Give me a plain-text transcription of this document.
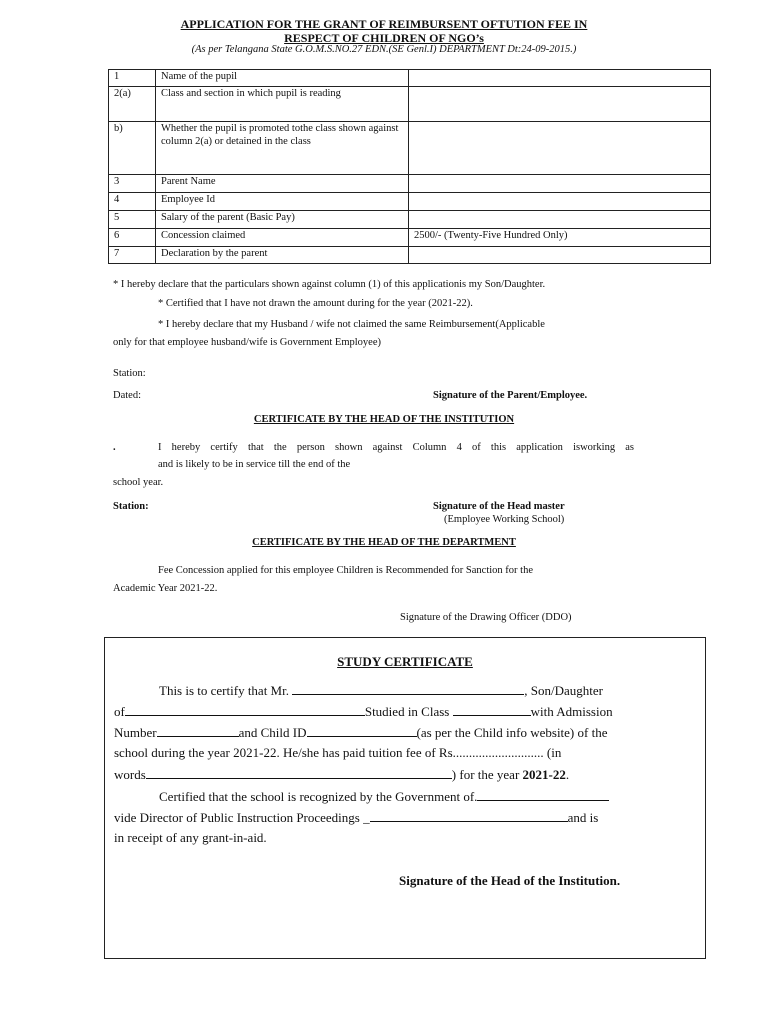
APPLICATION FOR THE GRANT OF REIMBURSENT OFTUTION FEE IN
RESPECT OF CHILDREN OF NGO’s
(As per Telangana State G.O.M.S.NO.27 EDN.(SE Genl.I) DEPARTMENT Dt:24-09-2015.)
1	Name of the pupil	
2(a)	Class and section in which pupil is reading	
b)	Whether the pupil is promoted tothe class shown against column 2(a) or detained in the class	
3	Parent Name	
4	Employee Id	
5	Salary of the parent (Basic Pay)	
6	Concession claimed	2500/- (Twenty-Five Hundred Only)
7	Declaration by the parent	
* I hereby declare that the particulars shown against column (1) of this applicationis my Son/Daughter.
* Certified that I have not drawn the amount during for the year (2021-22).
* I hereby declare that my Husband / wife not claimed the same Reimbursement(Applicable
only for that employee husband/wife is Government Employee)
Station:
Dated:	Signature of the Parent/Employee.
CERTIFICATE BY THE HEAD OF THE INSTITUTION
.	I hereby certify that the person shown against Column 4 of this application isworking as
and is likely to be in service till the end of the
school year.
Station:	Signature of the Head master
(Employee Working School)
CERTIFICATE BY THE HEAD OF THE DEPARTMENT
Fee Concession applied for this employee Children is Recommended for Sanction for the
Academic Year 2021-22.
Signature of the Drawing Officer (DDO)
STUDY CERTIFICATE
This is to certify that Mr.	, Son/Daughter
of	Studied in Class	with Admission
Number	and Child ID	(as per the Child info website) of the
school during the year 2021-22. He/she has paid tuition fee of Rs............................ (in
words	) for the year 2021-22.
Certified that the school is recognized by the Government of.
vide Director of Public Instruction Proceedings _	and is
in receipt of any grant-in-aid.
Signature of the Head of the Institution.
